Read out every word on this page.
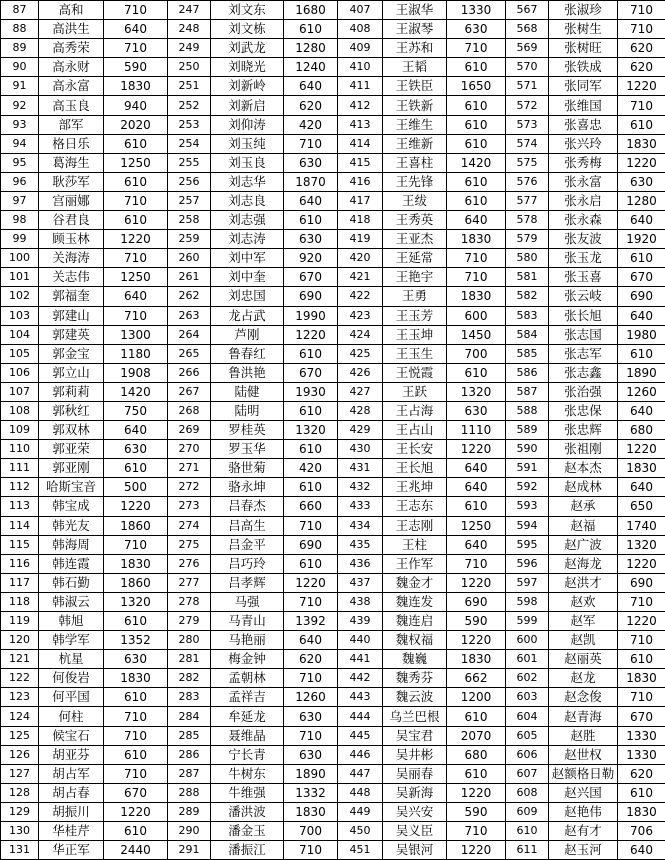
87	高和	710	247	刘文东	1680	407	王淑华	1330	567	张淑珍	710
88	高洪生	640	248	刘文栋	610	408	王淑琴	630	568	张树生	710
89	高秀荣	710	249	刘武龙	1280	409	王苏和	710	569	张树旺	620
90	高永财	590	250	刘晓光	1240	410	王韬	610	570	张铁成	620
91	高永富	1830	251	刘新岭	640	411	王铁臣	1650	571	张同军	1220
92	高玉良	940	252	刘新启	620	412	王铁新	610	572	张维国	710
93	部军	2020	253	刘仰涛	420	413	王维生	610	573	张喜忠	610
94	格日乐	610	254	刘玉纯	710	414	王维新	610	574	张兴玲	1830
95	葛海生	1250	255	刘玉良	630	415	王喜柱	1420	575	张秀梅	1220
96	耿莎军	610	256	刘志华	1870	416	王先锋	610	576	张永富	630
97	宫丽娜	710	257	刘志良	640	417	王绂	610	577	张永启	1280
98	谷君良	610	258	刘志强	610	418	王秀英	640	578	张永森	640
99	顾玉林	1220	259	刘志涛	630	419	王亚杰	1830	579	张友波	1920
100	关海涛	710	260	刘中军	920	420	王延常	710	580	张玉龙	610
101	关志伟	1250	261	刘中奎	670	421	王艳宇	710	581	张玉喜	670
102	郭福奎	640	262	刘忠国	690	422	王勇	1830	582	张云岐	690
103	郭建山	710	263	龙占武	1990	423	王玉芳	600	583	张长旭	640
104	郭建英	1300	264	芦刚	1220	424	王玉坤	1450	584	张志国	1980
105	郭金宝	1180	265	鲁春红	610	425	王玉生	700	585	张志军	610
106	郭立山	1908	266	鲁洪艳	670	426	王悦霞	610	586	张志鑫	1890
107	郭莉莉	1420	267	陆健	1930	427	王跃	1320	587	张治强	1260
108	郭秋红	750	268	陆明	610	428	王占海	630	588	张忠保	640
109	郭双林	640	269	罗桂英	1320	429	王占山	1110	589	张忠辉	680
110	郭亚荣	630	270	罗玉华	610	430	王长安	1220	590	张祖刚	1220
111	郭亚刚	610	271	骆世菊	420	431	王长旭	640	591	赵本杰	1830
112	哈斯宝音	500	272	骆永坤	610	432	王兆坤	640	592	赵成林	640
113	韩宝成	1220	273	吕春杰	660	433	王志东	610	593	赵承	650
114	韩光友	1860	274	吕高生	710	434	王志刚	1250	594	赵福	1740
115	韩海周	710	275	吕金平	690	435	王柱	640	595	赵广波	1320
116	韩连霞	1830	276	吕巧玲	610	436	王作军	710	596	赵海龙	1220
117	韩石勤	1860	277	吕孝辉	1220	437	魏金才	1220	597	赵洪才	690
118	韩淑云	1320	278	马强	710	438	魏连发	690	598	赵欢	710
119	韩旭	610	279	马青山	1392	439	魏连启	590	599	赵军	1220
120	韩学军	1352	280	马艳丽	640	440	魏权福	1220	600	赵凯	710
121	杭星	630	281	梅金钟	620	441	魏巍	1830	601	赵丽英	610
122	何俊岩	1830	282	孟朝林	710	442	魏秀芬	662	602	赵龙	1830
123	何平国	610	283	孟祥吉	1260	443	魏云波	1200	603	赵念俊	710
124	何柱	710	284	牟延龙	630	444	乌兰巴根	610	604	赵青海	670
125	候宝石	710	285	聂维晶	710	445	吴宝君	2070	605	赵胜	1330
126	胡亚芬	610	286	宁长青	630	446	吴井彬	680	606	赵世权	1330
127	胡占军	710	287	牛树东	1890	447	吴丽春	610	607	赵额格日勒	620
128	胡占春	670	288	牛维强	1332	448	吴新海	1220	608	赵兴国	610
129	胡振川	1220	289	潘洪波	1830	449	吴兴安	590	609	赵艳伟	1830
130	华桂芹	610	290	潘金玉	700	450	吴义臣	710	610	赵有才	706
131	华正军	2440	291	潘振江	710	451	吴银河	1220	611	赵玉河	640
